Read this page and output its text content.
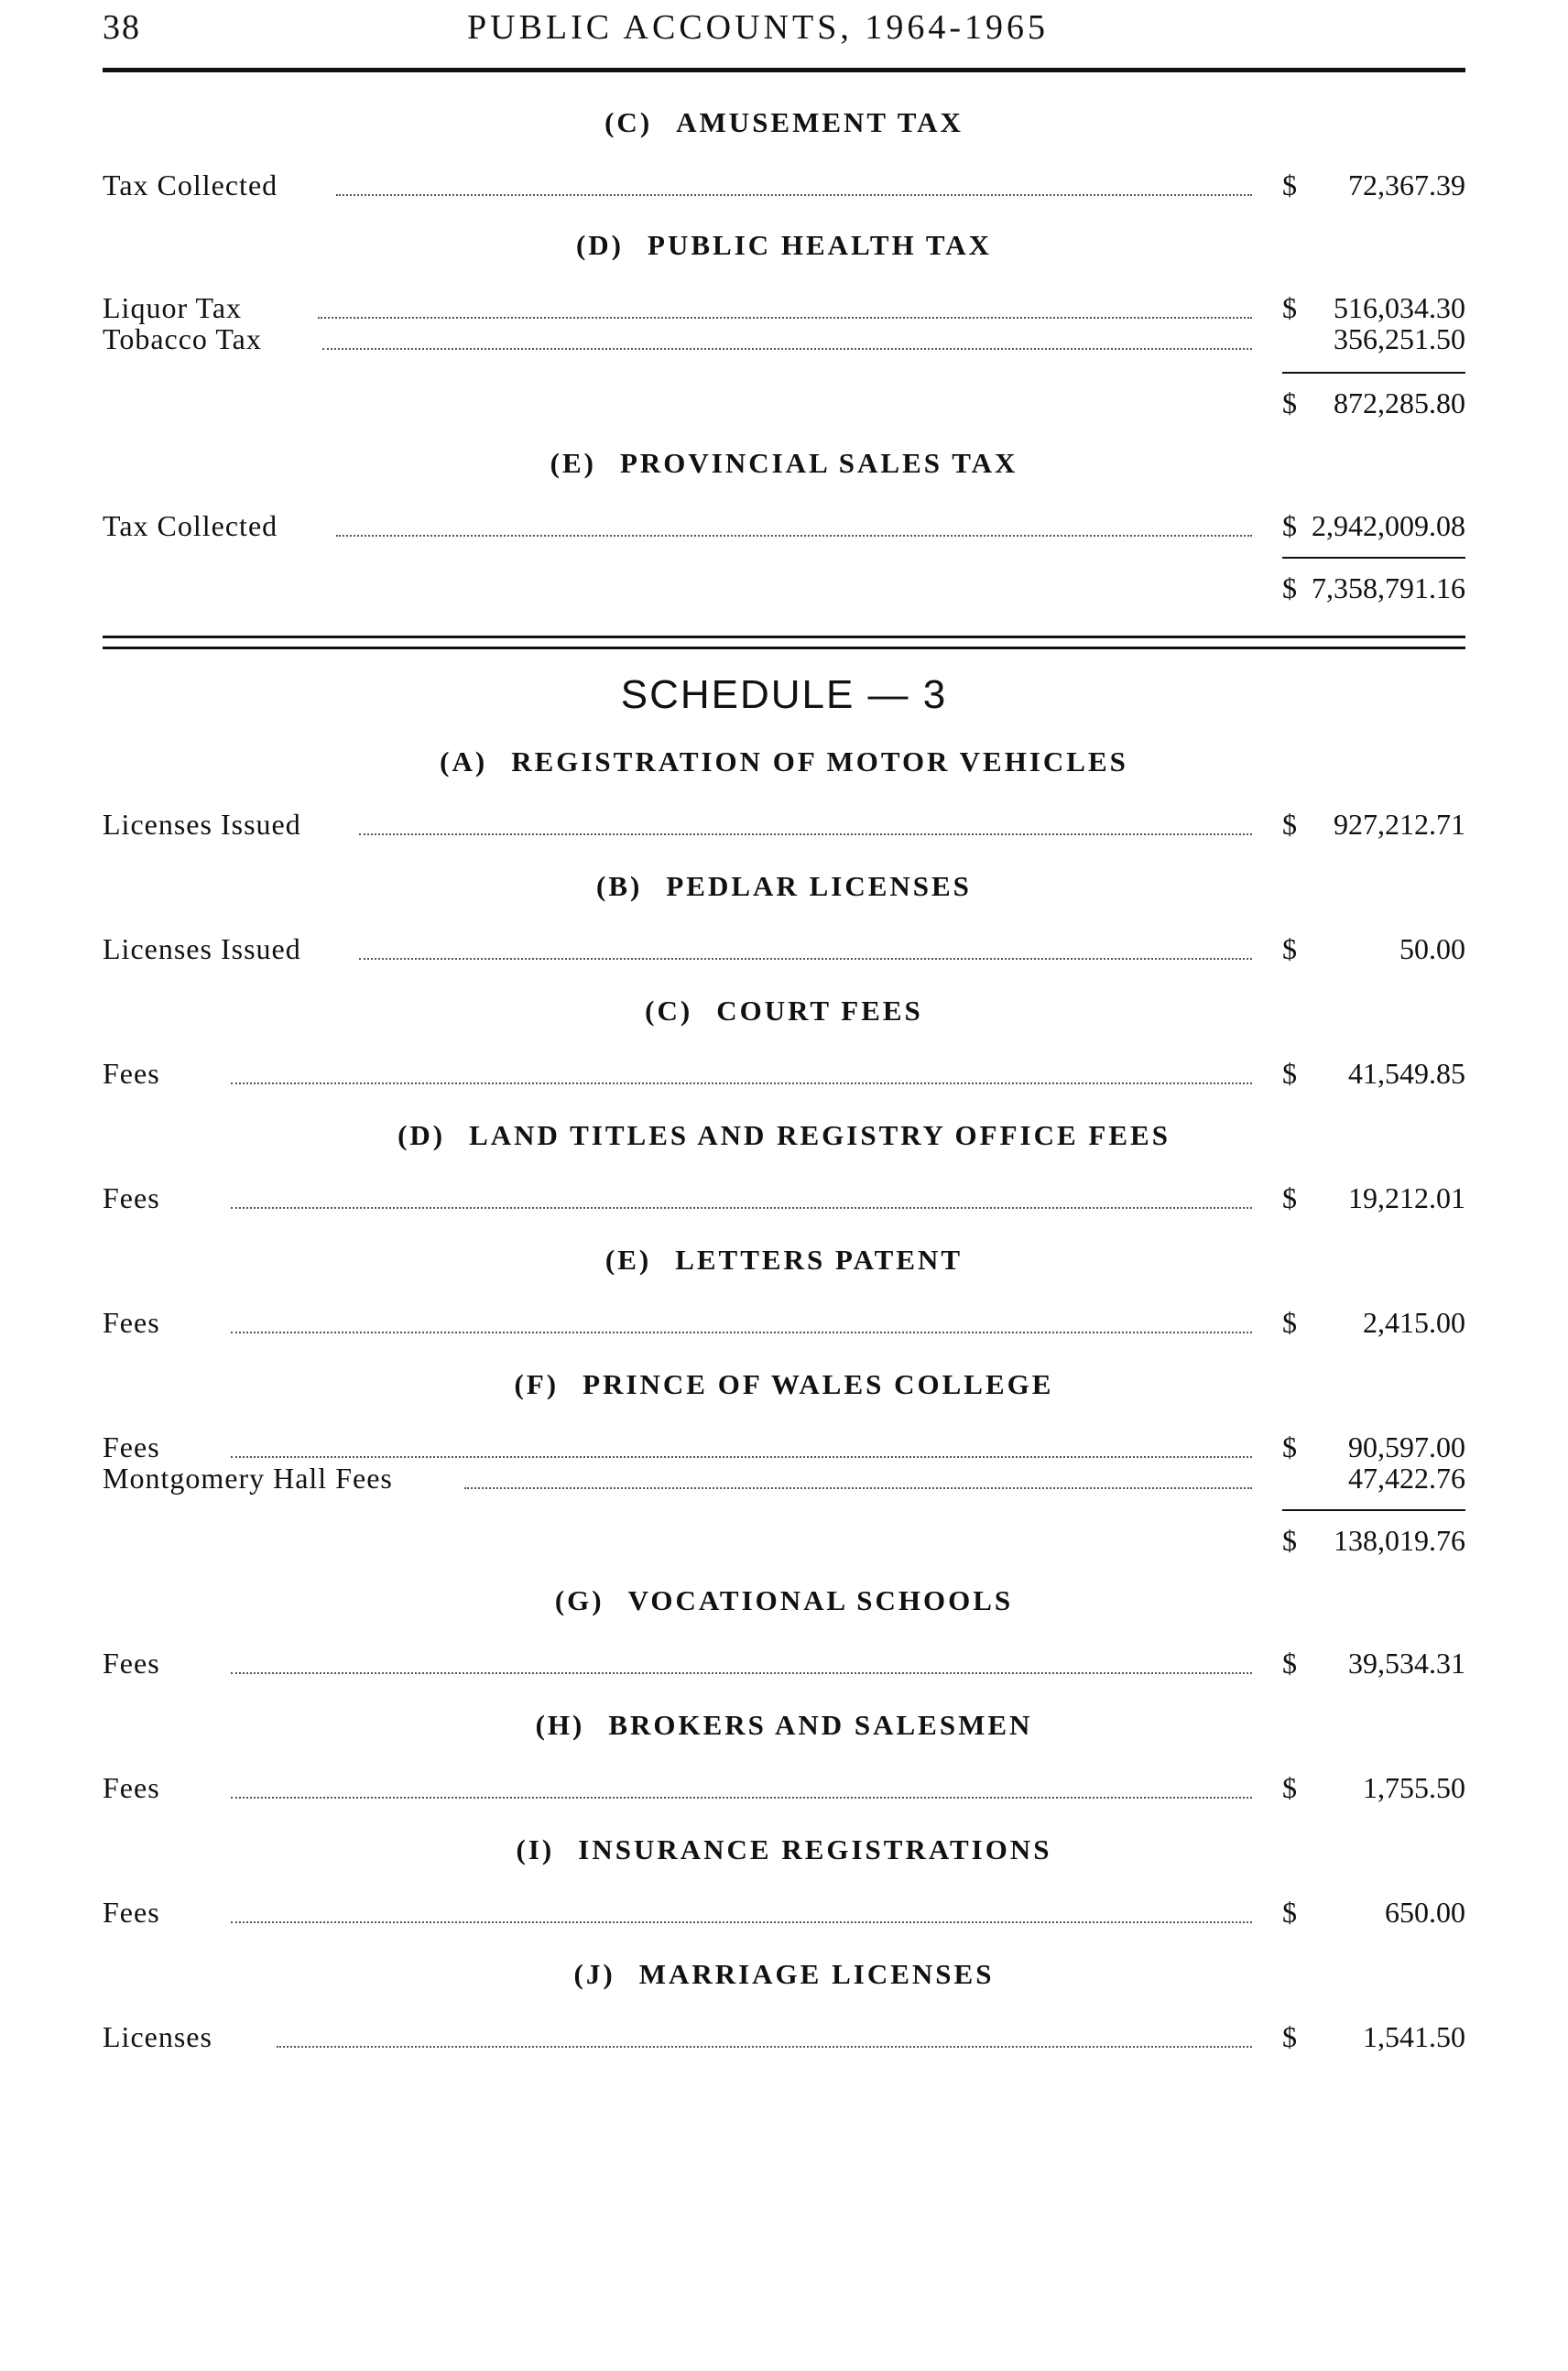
38	PUBLIC ACCOUNTS, 1964-1965
(C) AMUSEMENT TAX
Tax Collected	$ 72,367.39
(D) PUBLIC HEALTH TAX
Liquor Tax	$ 516,034.30
Tobacco Tax	356,251.50
$ 872,285.80
(E) PROVINCIAL SALES TAX
Tax Collected	$ 2,942,009.08
$ 7,358,791.16
SCHEDULE — 3
(A) REGISTRATION OF MOTOR VEHICLES
Licenses Issued	$ 927,212.71
(B) PEDLAR LICENSES
Licenses Issued	$	50.00
(C) COURT FEES
Fees	$ 41,549.85
(D) LAND TITLES AND REGISTRY OFFICE FEES
Fees	$ 19,212.01
(E) LETTERS PATENT
Fees	$ 2,415.00
(F) PRINCE OF WALES COLLEGE
Fees	$ 90,597.00
Montgomery Hall Fees	47,422.76
$ 138,019.76
(G) VOCATIONAL SCHOOLS
Fees	$ 39,534.31
(H) BROKERS AND SALESMEN
Fees	$ 1,755.50
(I) INSURANCE REGISTRATIONS
Fees	$	650.00
(J) MARRIAGE LICENSES
Licenses	$ 1,541.50
